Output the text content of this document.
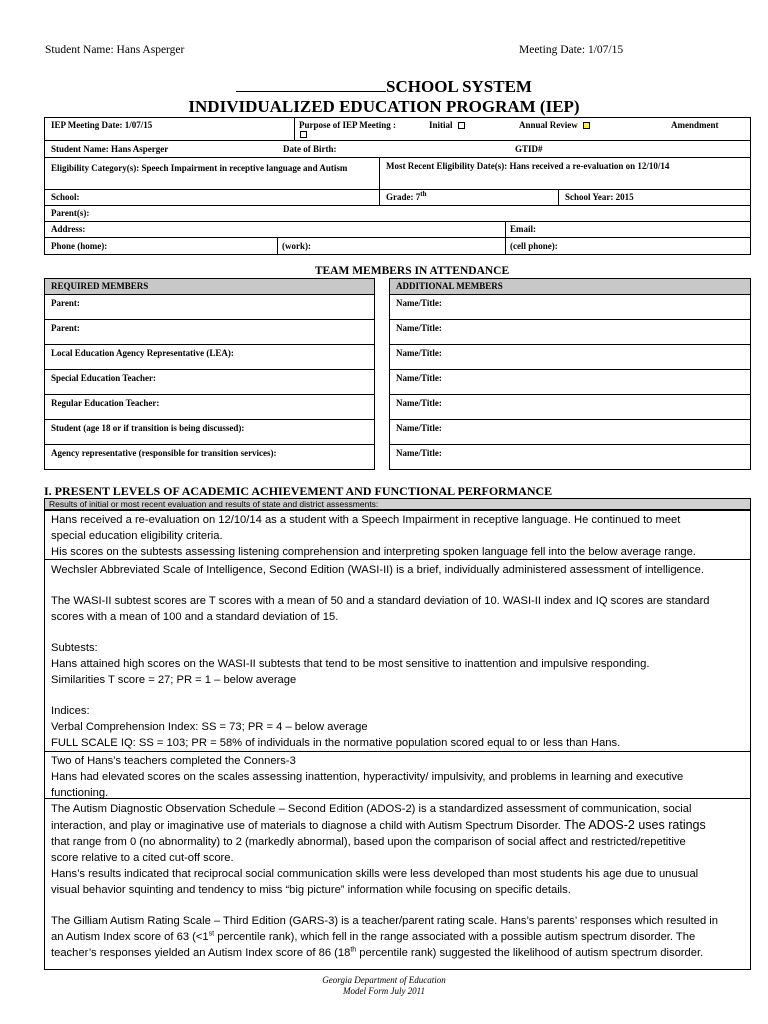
Student Name: Hans Asperger	Meeting Date: 1/07/15
SCHOOL SYSTEM
INDIVIDUALIZED EDUCATION PROGRAM (IEP)
IEP Meeting Date: 1/07/15	Purpose of IEP Meeting :	Initial	Annual Review	Amendment
Student Name: Hans Asperger	Date of Birth:	GTID#
Eligibility Category(s): Speech Impairment in receptive language and Autism	Most Recent Eligibility Date(s): Hans received a re-evaluation on 12/10/14
School:	Grade: 7th	School Year: 2015
Parent(s):
Address:	Email:
Phone (home):	(work):	(cell phone):
TEAM MEMBERS IN ATTENDANCE
REQUIRED MEMBERS	ADDITIONAL MEMBERS
Parent:	Name/Title:
Parent:	Name/Title:
Local Education Agency Representative (LEA):	Name/Title:
Special Education Teacher:	Name/Title:
Regular Education Teacher:	Name/Title:
Student (age 18 or if transition is being discussed):	Name/Title:
Agency representative (responsible for transition services):	Name/Title:
I. PRESENT LEVELS OF ACADEMIC ACHIEVEMENT AND FUNCTIONAL PERFORMANCE
Results of initial or most recent evaluation and results of state and district assessments:

Hans received a re-evaluation on 12/10/14 as a student with a Speech Impairment in receptive language. He continued to meet

special education eligibility criteria.

His scores on the subtests assessing listening comprehension and interpreting spoken language fell into the below average range.

Wechsler Abbreviated Scale of Intelligence, Second Edition (WASI-II) is a brief, individually administered assessment of intelligence.

The WASI-II subtest scores are T scores with a mean of 50 and a standard deviation of 10. WASI-II index and IQ scores are standard

scores with a mean of 100 and a standard deviation of 15.

Subtests:

Hans attained high scores on the WASI-II subtests that tend to be most sensitive to inattention and impulsive responding.

Similarities T score = 27; PR = 1 – below average

Indices:

Verbal Comprehension Index: SS = 73; PR = 4 – below average

FULL SCALE IQ: SS = 103; PR = 58% of individuals in the normative population scored equal to or less than Hans.

Two of Hans’s teachers completed the Conners-3

Hans had elevated scores on the scales assessing inattention, hyperactivity/ impulsivity, and problems in learning and executive

functioning.

The Autism Diagnostic Observation Schedule – Second Edition (ADOS-2) is a standardized assessment of communication, social

interaction, and play or imaginative use of materials to diagnose a child with Autism Spectrum Disorder. The ADOS-2 uses ratings

that range from 0 (no abnormality) to 2 (markedly abnormal), based upon the comparison of social affect and restricted/repetitive

score relative to a cited cut-off score.

Hans’s results indicated that reciprocal social communication skills were less developed than most students his age due to unusual

visual behavior squinting and tendency to miss “big picture” information while focusing on specific details.

The Gilliam Autism Rating Scale – Third Edition (GARS-3) is a teacher/parent rating scale. Hans’s parents’ responses which resulted in

an Autism Index score of 63 (<1st percentile rank), which fell in the range associated with a possible autism spectrum disorder. The

teacher’s responses yielded an Autism Index score of 86 (18th percentile rank) suggested the likelihood of autism spectrum disorder.

Georgia Department of Education
Model Form July 2011
